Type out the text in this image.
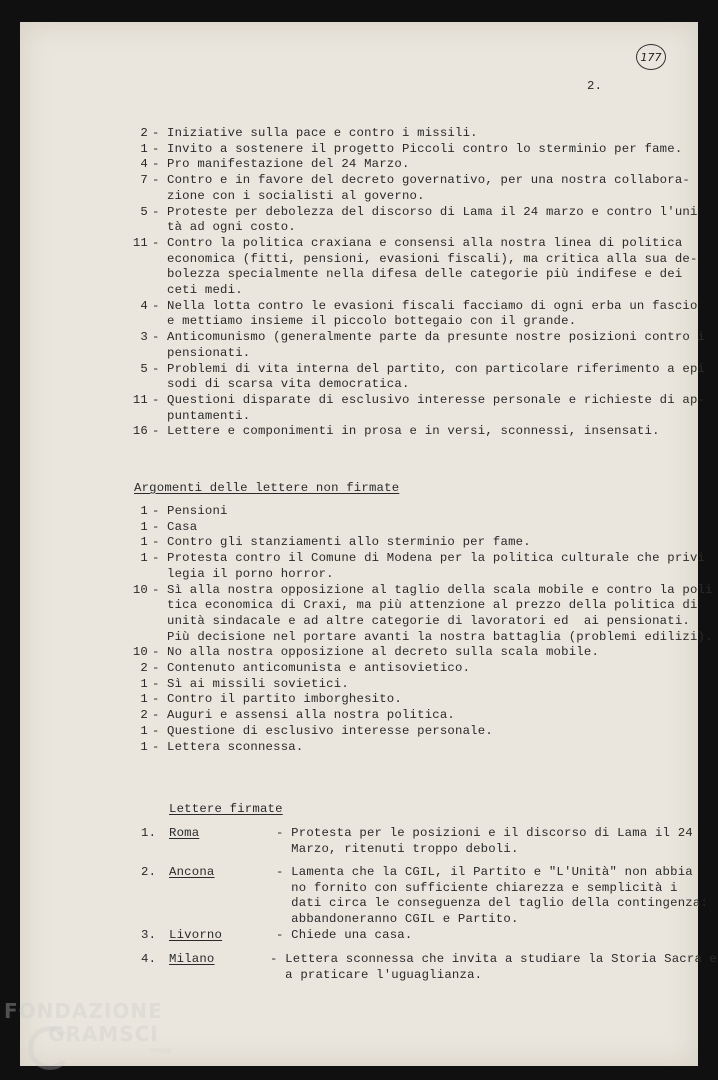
177
2.
Argomenti delle lettere non firmate
Lettere firmate
FONDAZIONE
GRAMSCI
onlus
2 - Iniziative sulla pace e contro i missili.
1 - Invito a sostenere il progetto Piccoli contro lo sterminio per fame.
4 - Pro manifestazione del 24 Marzo.
7 - Contro e in favore del decreto governativo, per una nostra collabora-
zione con i socialisti al governo.
5 - Proteste per debolezza del discorso di Lama il 24 marzo e contro l'uni
tà ad ogni costo.
11 - Contro la politica craxiana e consensi alla nostra linea di politica
economica (fitti, pensioni, evasioni fiscali), ma critica alla sua de-
bolezza specialmente nella difesa delle categorie più indifese e dei
ceti medi.
4 - Nella lotta contro le evasioni fiscali facciamo di ogni erba un fascio
e mettiamo insieme il piccolo bottegaio con il grande.
3 - Anticomunismo (generalmente parte da presunte nostre posizioni contro i
pensionati.
5 - Problemi di vita interna del partito, con particolare riferimento a epi
sodi di scarsa vita democratica.
11 - Questioni disparate di esclusivo interesse personale e richieste di ap-
puntamenti.
16 - Lettere e componimenti in prosa e in versi, sconnessi, insensati.
1 - Pensioni
1 - Casa
1 - Contro gli stanziamenti allo sterminio per fame.
1 - Protesta contro il Comune di Modena per la politica culturale che privi
legia il porno horror.
10 - Sì alla nostra opposizione al taglio della scala mobile e contro la poli
tica economica di Craxi, ma più attenzione al prezzo della politica di
unità sindacale e ad altre categorie di lavoratori ed  ai pensionati.
Più decisione nel portare avanti la nostra battaglia (problemi edilizi).
10 - No alla nostra opposizione al decreto sulla scala mobile.
2 - Contenuto anticomunista e antisovietico.
1 - Sì ai missili sovietici.
1 - Contro il partito imborghesito.
2 - Auguri e assensi alla nostra politica.
1 - Questione di esclusivo interesse personale.
1 - Lettera sconnessa.
1. Roma	- Protesta per le posizioni e il discorso di Lama il 24
Marzo, ritenuti troppo deboli.
2. Ancona	- Lamenta che la CGIL, il Partito e "L'Unità" non abbia
no fornito con sufficiente chiarezza e semplicità i
dati circa le conseguenza del taglio della contingenza:
abbandoneranno CGIL e Partito.
3. Livorno	- Chiede una casa.
4. Milano	- Lettera sconnessa che invita a studiare la Storia Sacra e
a praticare l'uguaglianza.
